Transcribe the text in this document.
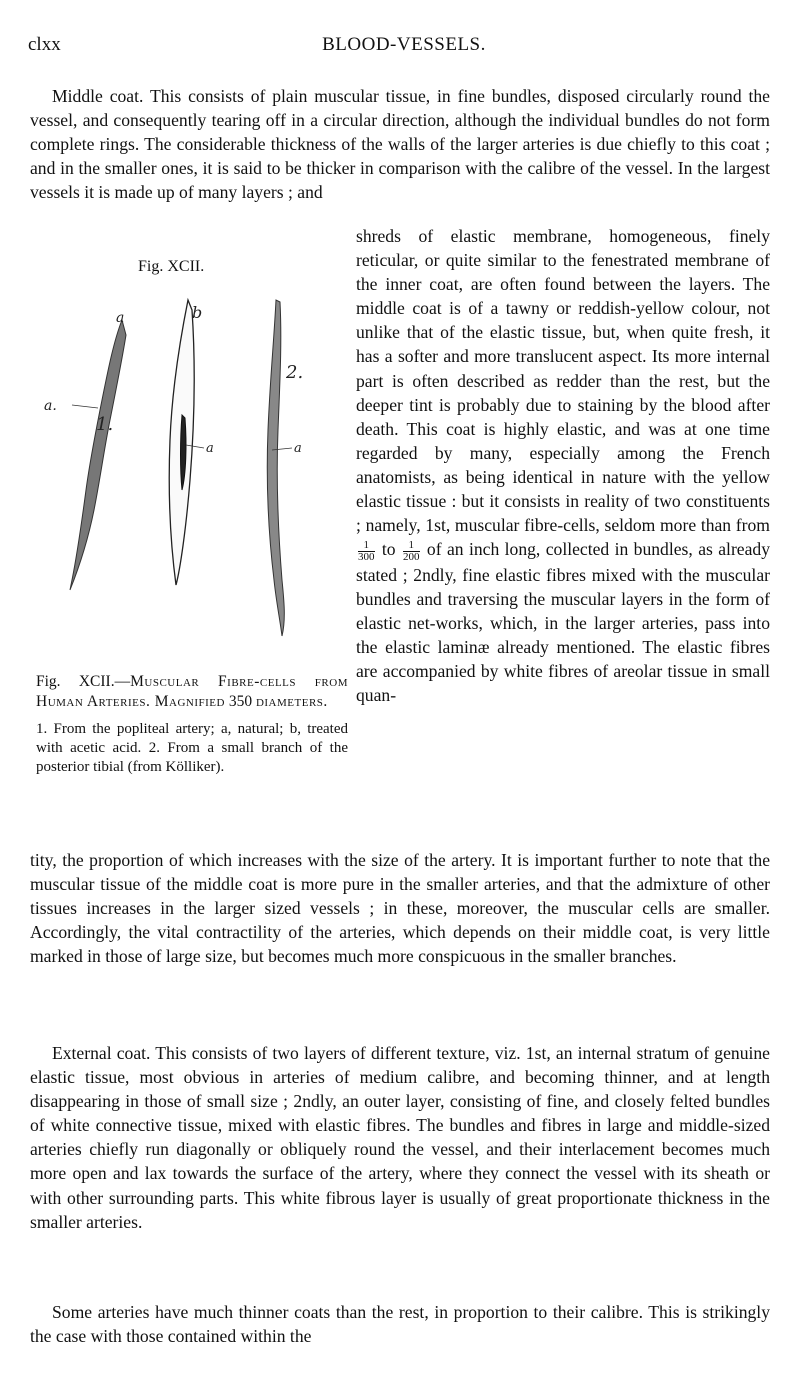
clxx	BLOOD-VESSELS.

Middle coat. This consists of plain muscular tissue, in fine bundles, disposed circularly round the vessel, and consequently tearing off in a circular direction, although the individual bundles do not form complete rings. The considerable thickness of the walls of the larger arteries is due chiefly to this coat ; and in the smaller ones, it is said to be thicker in comparison with the calibre of the vessel. In the largest vessels it is made up of many layers ; and

Fig. XCII.
a
a.
1.
b
a
2.
a
Fig. XCII.—Muscular Fibre-cells from Human Arteries. Magnified 350 diameters.
1. From the popliteal artery; a, natural; b, treated with acetic acid. 2. From a small branch of the posterior tibial (from Kölliker).

shreds of elastic membrane, homogeneous, finely reticular, or quite similar to the fenestrated membrane of the inner coat, are often found between the layers. The middle coat is of a tawny or reddish-yellow colour, not unlike that of the elastic tissue, but, when quite fresh, it has a softer and more translucent aspect. Its more internal part is often described as redder than the rest, but the deeper tint is probably due to staining by the blood after death. This coat is highly elastic, and was at one time regarded by many, especially among the French anatomists, as being identical in nature with the yellow elastic tissue : but it consists in reality of two constituents ; namely, 1st, muscular fibre-cells, seldom more than from
$\frac{1}{300}$ to $\frac{1}{200}$ of an inch long, collected in bundles, as already stated ; 2ndly, fine elastic fibres mixed with the muscular bundles and traversing the muscular layers in the form of elastic net-works, which, in the larger arteries, pass into the elastic laminæ already mentioned. The elastic fibres are accompanied by white fibres of areolar tissue in small quan-

tity, the proportion of which increases with the size of the artery. It is important further to note that the muscular tissue of the middle coat is more pure in the smaller arteries, and that the admixture of other tissues increases in the larger sized vessels ; in these, moreover, the muscular cells are smaller. Accordingly, the vital contractility of the arteries, which depends on their middle coat, is very little marked in those of large size, but becomes much more conspicuous in the smaller branches.

External coat. This consists of two layers of different texture, viz. 1st, an internal stratum of genuine elastic tissue, most obvious in arteries of medium calibre, and becoming thinner, and at length disappearing in those of small size ; 2ndly, an outer layer, consisting of fine, and closely felted bundles of white connective tissue, mixed with elastic fibres. The bundles and fibres in large and middle-sized arteries chiefly run diagonally or obliquely round the vessel, and their interlacement becomes much more open and lax towards the surface of the artery, where they connect the vessel with its sheath or with other surrounding parts. This white fibrous layer is usually of great proportionate thickness in the smaller arteries.

Some arteries have much thinner coats than the rest, in proportion to their calibre. This is strikingly the case with those contained within the
